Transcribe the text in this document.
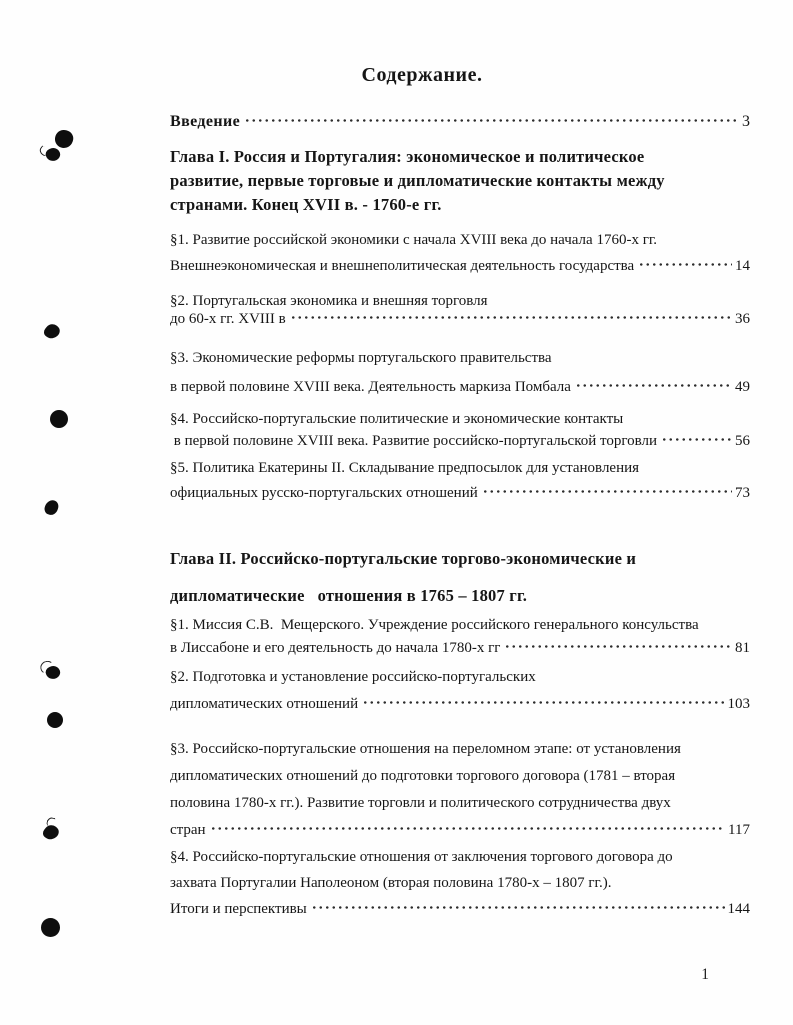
Содержание.
Введение	3
Глава I. Россия и Португалия: экономическое и политическое
развитие, первые торговые и дипломатические контакты между
странами. Конец XVII в. - 1760-е гг.
§1. Развитие российской экономики с начала XVIII века до начала 1760-х гг.
Внешнеэкономическая и внешнеполитическая деятельность государства	14
§2. Португальская экономика и внешняя торговля
до 60-х гг. XVIII в	36
§3. Экономические реформы португальского правительства
в первой половине XVIII века. Деятельность маркиза Помбала	49
§4. Российско-португальские политические и экономические контакты
в первой половине XVIII века. Развитие российско-португальской торговли	56
§5. Политика Екатерины II. Складывание предпосылок для установления
официальных русско-португальских отношений	73
Глава II. Российско-португальские торгово-экономические и
дипломатические   отношения в 1765 – 1807 гг.
§1. Миссия С.В.  Мещерского. Учреждение российского генерального консульства
в Лиссабоне и его деятельность до начала 1780-х гг	81
§2. Подготовка и установление российско-португальских
дипломатических отношений	103
§3. Российско-португальские отношения на переломном этапе: от установления
дипломатических отношений до подготовки торгового договора (1781 – вторая
половина 1780-х гг.). Развитие торговли и политического сотрудничества двух
стран	117
§4. Российско-португальские отношения от заключения торгового договора до
захвата Португалии Наполеоном (вторая половина 1780-х – 1807 гг.).
Итоги и перспективы	144
1
